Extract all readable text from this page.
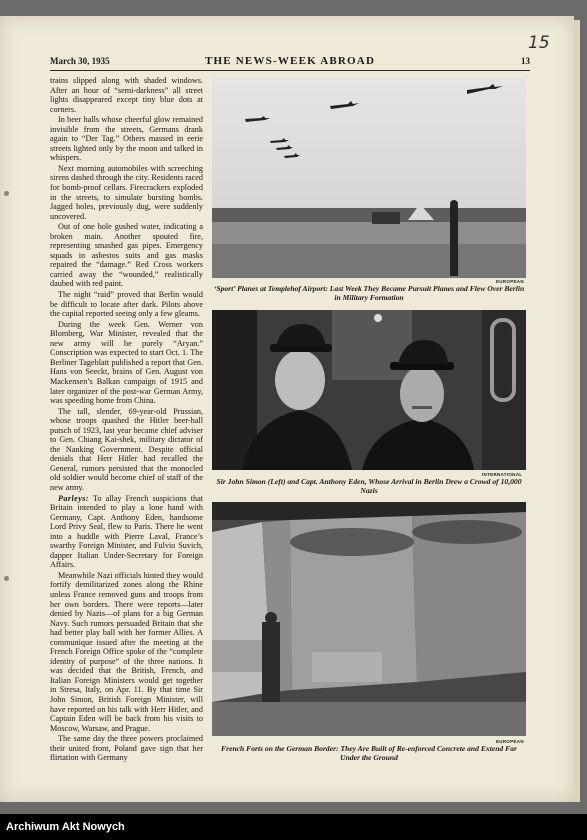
March 30, 1935	THE NEWS-WEEK ABROAD	13
15

trains slipped along with shaded windows. After an hour of “semi-darkness” all street lights disappeared except tiny blue dots at corners.

In beer halls whose cheerful glow remained invisible from the streets, Germans drank again to “Der Tag.” Others massed in eerie streets lighted only by the moon and talked in whispers.

Next morning automobiles with screeching sirens dashed through the city. Residents raced for bomb-proof cellars. Firecrackers exploded in the streets, to simulate bursting bombs. Jagged holes, previously dug, were suddenly uncovered.

Out of one hole gushed water, indicating a broken main. Another spouted fire, representing smashed gas pipes. Emergency squads in asbestos suits and gas masks repaired the “damage.” Red Cross workers carried away the “wounded,” realistically daubed with red paint.

The night “raid” proved that Berlin would be difficult to locate after dark. Pilots above the capital reported seeing only a few gleams.

During the week Gen. Werner von Blomberg, War Minister, revealed that the new army will be purely “Aryan.” Conscription was expected to start Oct. 1. The Berliner Tageblatt published a report that Gen. Hans von Seeckt, brains of Gen. August von Mackensen’s Balkan campaign of 1915 and later organizer of the post-war German Army, was speeding home from China.

The tall, slender, 69-year-old Prussian, whose troops quashed the Hitler beer-hall putsch of 1923, last year became chief adviser to Gen. Chiang Kai-shek, military dictator of the Nanking Government. Despite official denials that Herr Hitler had recalled the General, rumors persisted that the monocled old soldier would become chief of staff of the new army.

Parleys: To allay French suspicions that Britain intended to play a lone hand with Germany, Capt. Anthony Eden, handsome Lord Privy Seal, flew to Paris. There he went into a huddle with Pierre Laval, France’s swarthy Foreign Minister, and Fulvio Suvich, dapper Italian Under-Secretary for Foreign Affairs.

Meanwhile Nazi officials hinted they would fortify demilitarized zones along the Rhine unless France removed guns and troops from her own borders. There were reports—later denied by Nazis—of plans for a big German Navy. Such rumors persuaded Britain that she had better play ball with her former Allies. A communique issued after the meeting at the French Foreign Office spoke of the “complete identity of purpose” of the three nations. It was decided that the British, French, and Italian Foreign Ministers would get together in Stresa, Italy, on Apr. 11. By that time Sir John Simon, British Foreign Minister, will have reported on his talk with Herr Hitler, and Captain Eden will be back from his visits to Moscow, Warsaw, and Prague.

The same day the three powers proclaimed their united front, Poland gave sign that her flirtation with Germany

EUROPEAN
‘Sport’ Planes at Templehof Airport: Last Week They Became Pursuit Planes and Flew Over Berlin in Military Formation
INTERNATIONAL
Sir John Simon (Left) and Capt. Anthony Eden, Whose Arrival in Berlin Drew a Crowd of 10,000 Nazis
EUROPEAN
French Forts on the German Border: They Are Built of Re-enforced Concrete and Extend Far Under the Ground
Archiwum Akt Nowych
